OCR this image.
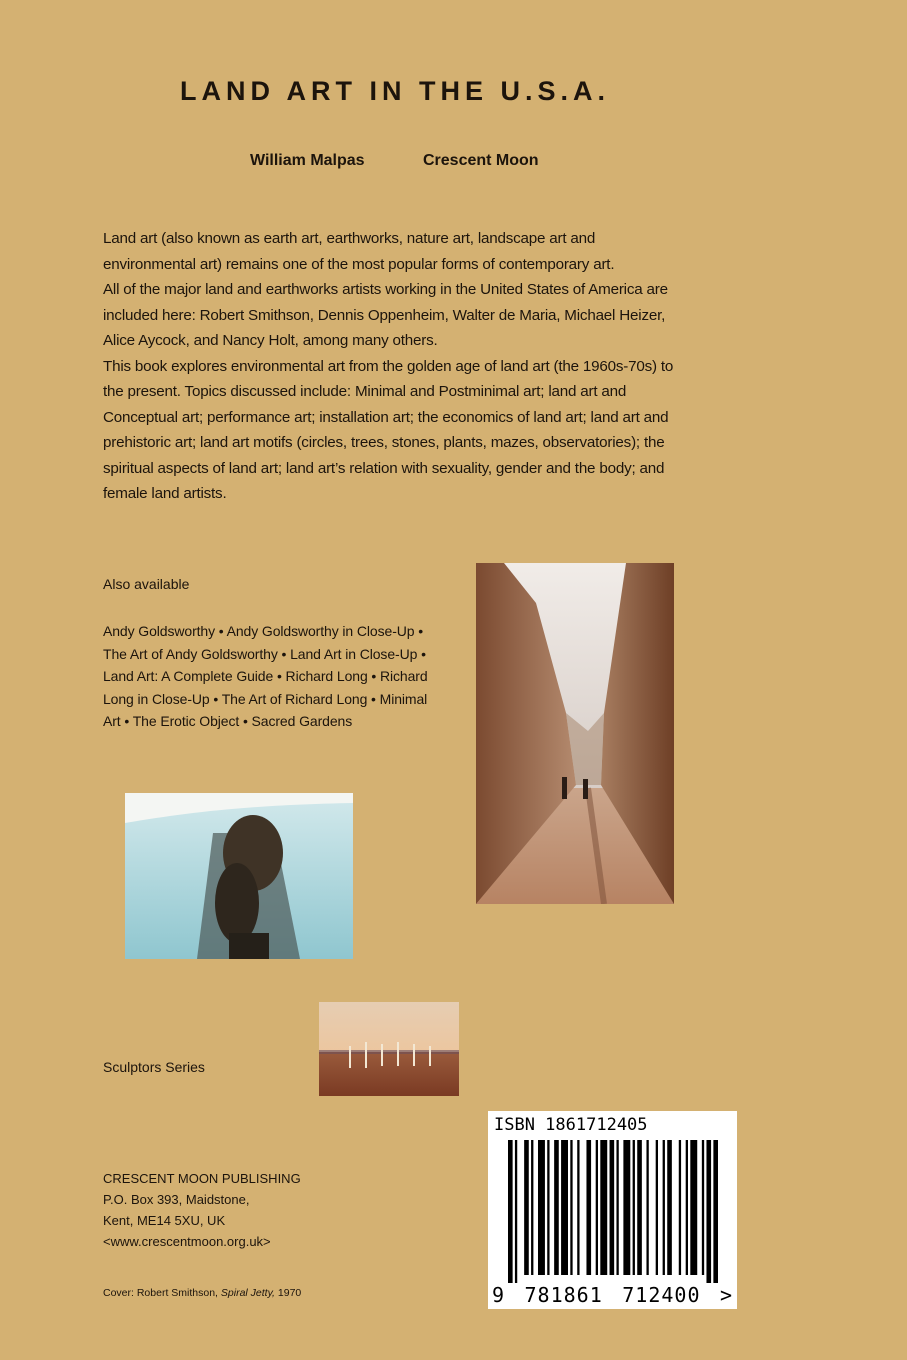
LAND ART IN THE U.S.A.
William Malpas	Crescent Moon

Land art (also known as earth art, earthworks, nature art, landscape art and environmental art) remains one of the most popular forms of contemporary art.

All of the major land and earthworks artists working in the United States of America are included here: Robert Smithson, Dennis Oppenheim, Walter de Maria, Michael Heizer, Alice Aycock, and Nancy Holt, among many others.

This book explores environmental art from the golden age of land art (the 1960s-70s) to the present. Topics discussed include: Minimal and Postminimal art; land art and Conceptual art; performance art; installation art; the economics of land art; land art and prehistoric art; land art motifs (circles, trees, stones, plants, mazes, observatories); the spiritual aspects of land art; land art’s relation with sexuality, gender and the body; and female land artists.

Also available
Andy Goldsworthy • Andy Goldsworthy in Close-Up • The Art of Andy Goldsworthy • Land Art in Close-Up • Land Art: A Complete Guide • Richard Long • Richard Long in Close-Up • The Art of Richard Long • Minimal Art • The Erotic Object • Sacred Gardens
Sculptors Series
CRESCENT MOON PUBLISHING
P.O. Box 393, Maidstone,
Kent, ME14 5XU, UK
<www.crescentmoon.org.uk>
Cover: Robert Smithson, Spiral Jetty, 1970
ISBN 1861712405
9 781861 712400 >
